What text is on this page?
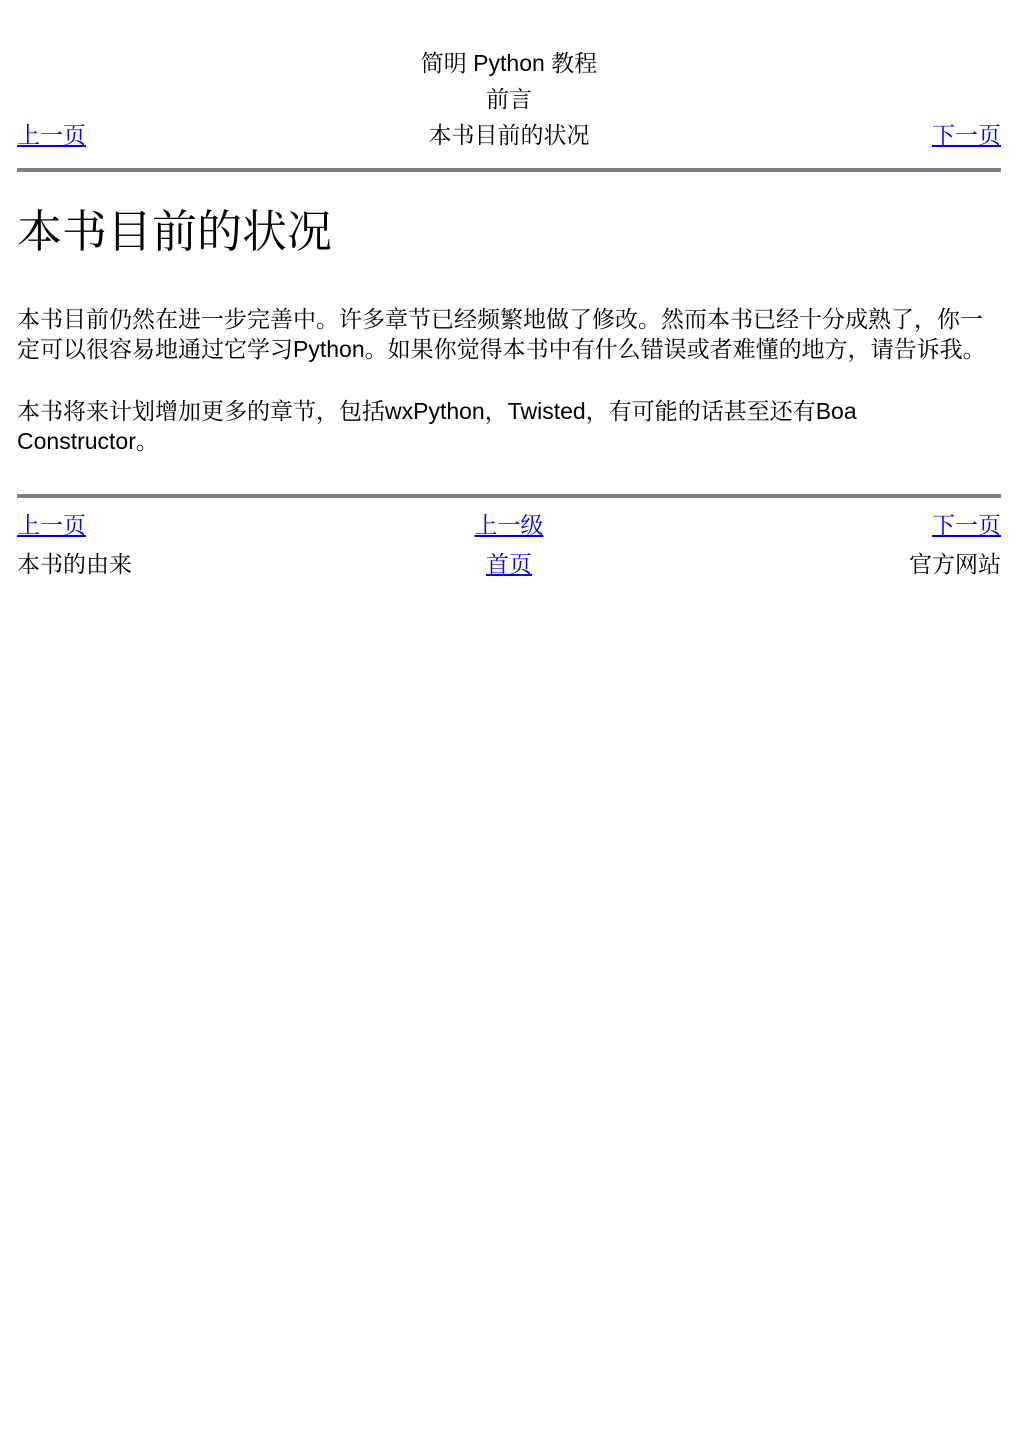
简明 Python 教程
前言
上一页	本书目前的状况	下一页
本书目前的状况

本书目前仍然在进一步完善中。许多章节已经频繁地做了修改。然而本书已经十分成熟了，你一定可以很容易地通过它学习Python。如果你觉得本书中有什么错误或者难懂的地方，请告诉我。

本书将来计划增加更多的章节，包括wxPython，Twisted，有可能的话甚至还有Boa Constructor。

上一页	上一级	下一页
本书的由来	首页	官方网站
